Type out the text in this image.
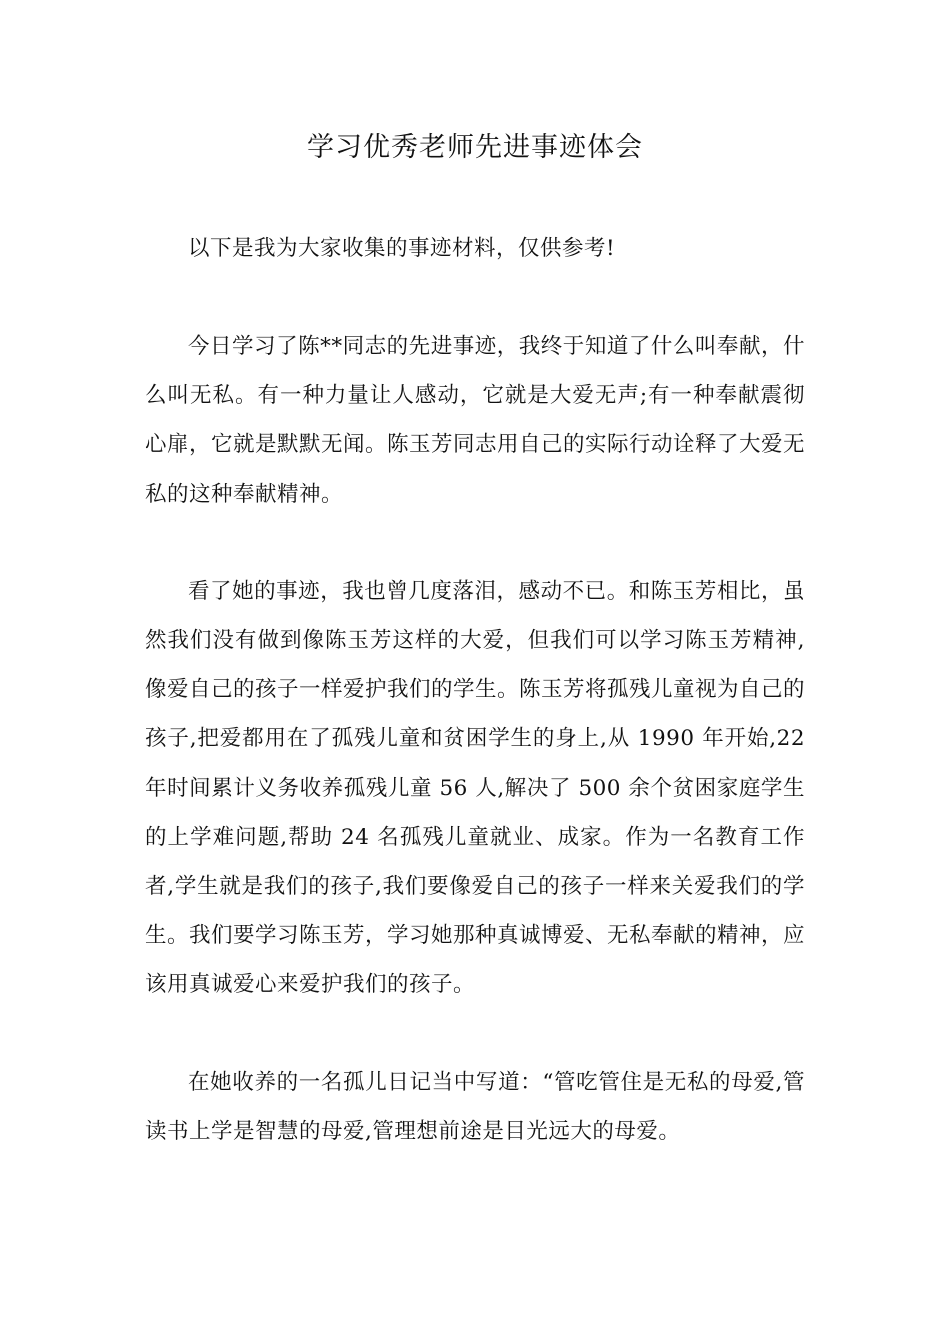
学习优秀老师先进事迹体会

以下是我为大家收集的事迹材料，仅供参考!

今日学习了陈**同志的先进事迹，我终于知道了什么叫奉献，什么叫无私。有一种力量让人感动，它就是大爱无声;有一种奉献震彻心扉，它就是默默无闻。陈玉芳同志用自己的实际行动诠释了大爱无私的这种奉献精神。

看了她的事迹，我也曾几度落泪，感动不已。和陈玉芳相比，虽然我们没有做到像陈玉芳这样的大爱，但我们可以学习陈玉芳精神,像爱自己的孩子一样爱护我们的学生。陈玉芳将孤残儿童视为自己的孩子,把爱都用在了孤残儿童和贫困学生的身上,从 1990 年开始,22 年时间累计义务收养孤残儿童 56 人,解决了 500 余个贫困家庭学生的上学难问题,帮助 24 名孤残儿童就业、成家。作为一名教育工作者,学生就是我们的孩子,我们要像爱自己的孩子一样来关爱我们的学生。我们要学习陈玉芳，学习她那种真诚博爱、无私奉献的精神，应该用真诚爱心来爱护我们的孩子。

在她收养的一名孤儿日记当中写道：“管吃管住是无私的母爱,管读书上学是智慧的母爱,管理想前途是目光远大的母爱。
